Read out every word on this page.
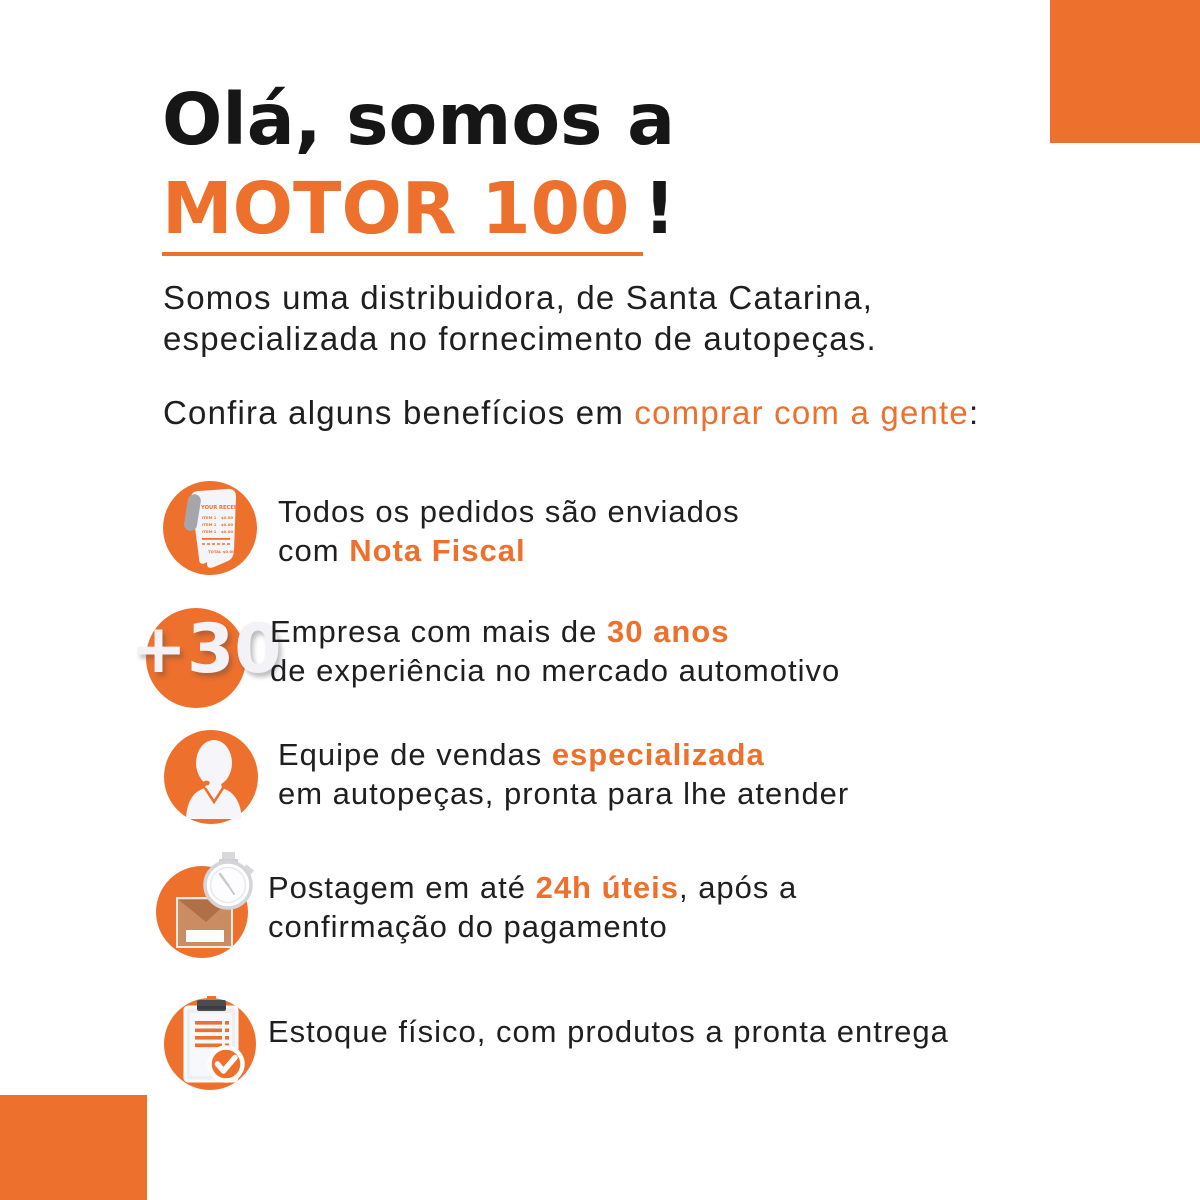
Olá, somos a
MOTOR 100 !

Somos uma distribuidora, de Santa Catarina,
especializada no fornecimento de autopeças.

Confira alguns benefícios em comprar com a gente:

YOUR RECEIPT
ITEM 1 $0.00
ITEM 1 $0.00
ITEM 1 $0.00
TOTAL $0.00

Todos os pedidos são enviados
com Nota Fiscal

+30

Empresa com mais de 30 anos
de experiência no mercado automotivo

Equipe de vendas especializada
em autopeças, pronta para lhe atender

Postagem em até 24h úteis, após a
confirmação do pagamento

Estoque físico, com produtos a pronta entrega
